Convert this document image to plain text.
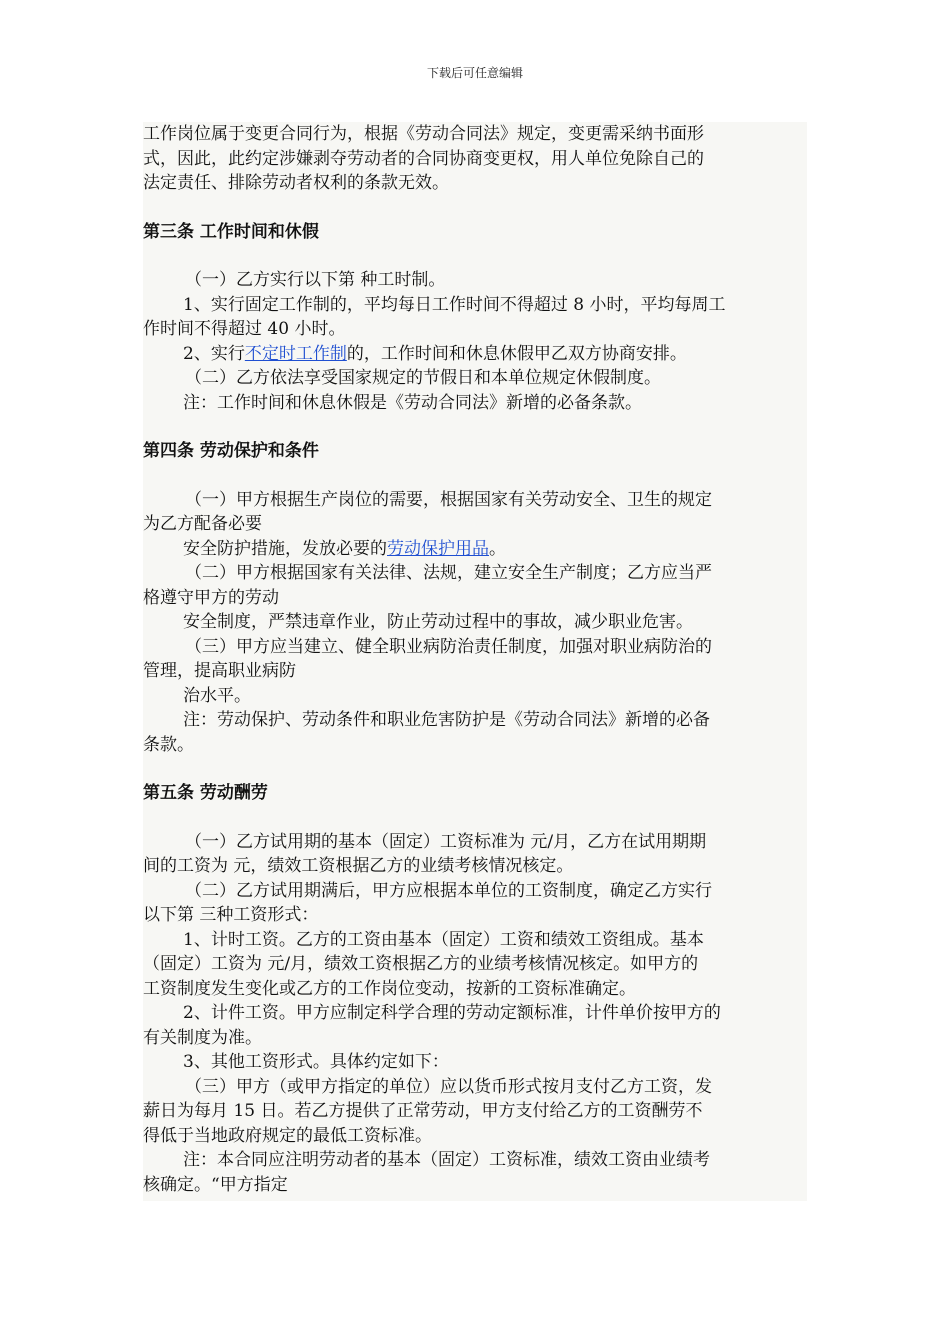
下载后可任意编辑

工作岗位属于变更合同行为，根据《劳动合同法》规定，变更需采纳书面形

式，因此，此约定涉嫌剥夺劳动者的合同协商变更权，用人单位免除自己的

法定责任、排除劳动者权利的条款无效。

第三条 工作时间和休假

（一）乙方实行以下第 种工时制。

1、实行固定工作制的，平均每日工作时间不得超过 8 小时，平均每周工

作时间不得超过 40 小时。

2、实行不定时工作制的，工作时间和休息休假甲乙双方协商安排。

（二）乙方依法享受国家规定的节假日和本单位规定休假制度。

注：工作时间和休息休假是《劳动合同法》新增的必备条款。

第四条 劳动保护和条件

（一）甲方根据生产岗位的需要，根据国家有关劳动安全、卫生的规定

为乙方配备必要

安全防护措施，发放必要的劳动保护用品。

（二）甲方根据国家有关法律、法规，建立安全生产制度；乙方应当严

格遵守甲方的劳动

安全制度，严禁违章作业，防止劳动过程中的事故，减少职业危害。

（三）甲方应当建立、健全职业病防治责任制度，加强对职业病防治的

管理，提高职业病防

治水平。

注：劳动保护、劳动条件和职业危害防护是《劳动合同法》新增的必备

条款。

第五条 劳动酬劳

（一）乙方试用期的基本（固定）工资标准为 元/月，乙方在试用期期

间的工资为 元，绩效工资根据乙方的业绩考核情况核定。

（二）乙方试用期满后，甲方应根据本单位的工资制度，确定乙方实行

以下第 三种工资形式：

1、计时工资。乙方的工资由基本（固定）工资和绩效工资组成。基本

（固定）工资为 元/月，绩效工资根据乙方的业绩考核情况核定。如甲方的

工资制度发生变化或乙方的工作岗位变动，按新的工资标准确定。

2、计件工资。甲方应制定科学合理的劳动定额标准，计件单价按甲方的

有关制度为准。

3、其他工资形式。具体约定如下：

（三）甲方（或甲方指定的单位）应以货币形式按月支付乙方工资，发

薪日为每月 15 日。若乙方提供了正常劳动，甲方支付给乙方的工资酬劳不

得低于当地政府规定的最低工资标准。

注：本合同应注明劳动者的基本（固定）工资标准，绩效工资由业绩考

核确定。“甲方指定
